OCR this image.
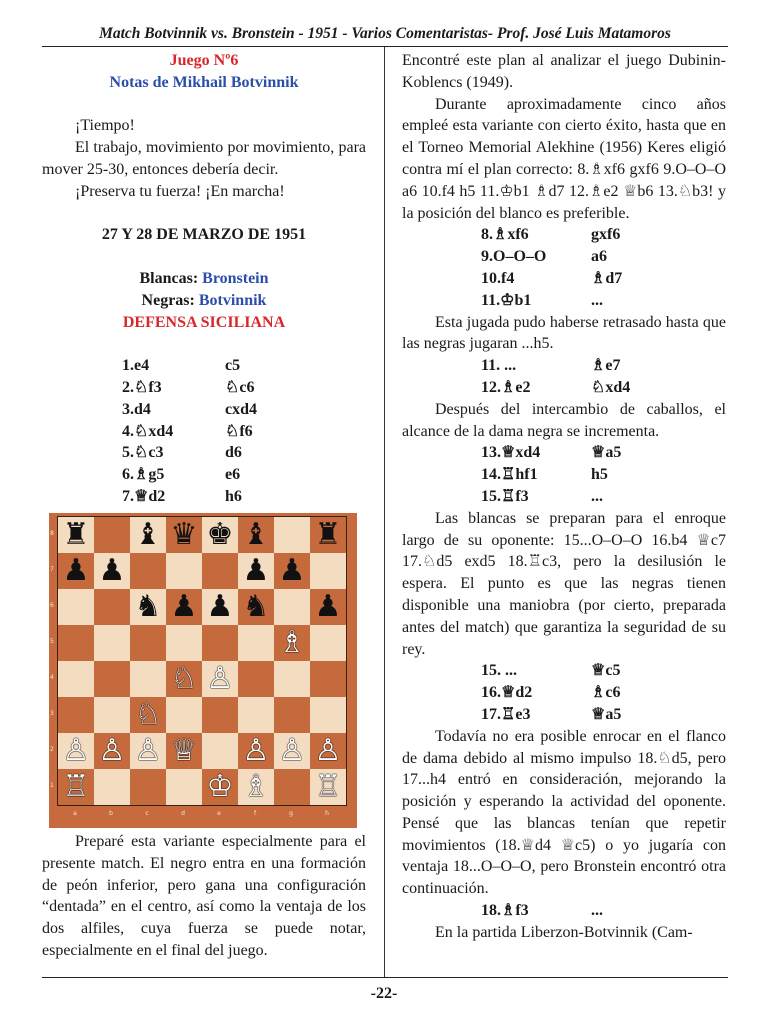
Match Botvinnik vs. Bronstein - 1951 - Varios Comentaristas- Prof. José Luis Matamoros

Juego Nº6

Notas de Mikhail Botvinnik

¡Tiempo!

El trabajo, movimiento por movimiento, para mover 25-30, entonces debería decir.

¡Preserva tu fuerza! ¡En marcha!

27 Y 28 DE MARZO DE 1951

Blancas: Bronstein

Negras: Botvinnik

DEFENSA SICILIANA

1.e4	c5
2.♘f3	♘c6
3.d4	cxd4
4.♘xd4	♘f6
5.♘c3	d6
6.♗g5	e6
7.♕d2	h6
8
7
6
5
4
3
2
1
♜ ♝ ♛ ♚ ♝ ♜
♟ ♟	♟ ♟
♞ ♟ ♟ ♞ ♟
♗
♘ ♙
♘
♙ ♙ ♙ ♕ ♙ ♙ ♙
♖	♔ ♗ ♖
a	b	c	d	e	f	g	h
Preparé esta variante especialmente para el presente match. El negro entra en una formación de peón inferior, pero gana una configuración “dentada” en el centro, así como la ventaja de los dos alfiles, cuya fuerza se puede notar, especialmente en el final del juego.

Encontré este plan al analizar el juego Dubinin-Koblencs (1949).

Durante aproximadamente cinco años empleé esta variante con cierto éxito, hasta que en el Torneo Memorial Alekhine (1956) Keres eligió contra mí el plan correcto: 8.♗xf6 gxf6 9.O–O–O a6 10.f4 h5 11.♔b1 ♗d7 12.♗e2 ♕b6 13.♘b3! y la posición del blanco es preferible.

8.♗xf6	gxf6
9.O–O–O	a6
10.f4	♗d7
11.♔b1	...

Esta jugada pudo haberse retrasado hasta que las negras jugaran ...h5.

11. ...	♗e7
12.♗e2	♘xd4

Después del intercambio de caballos, el alcance de la dama negra se incrementa.

13.♕xd4	♕a5
14.♖hf1	h5
15.♖f3	...

Las blancas se preparan para el enroque largo de su oponente: 15...O–O–O 16.b4 ♕c7 17.♘d5 exd5 18.♖c3, pero la desilusión le espera. El punto es que las negras tienen disponible una maniobra (por cierto, preparada antes del match) que garantiza la seguridad de su rey.

15. ...	♕c5
16.♕d2	♗c6
17.♖e3	♕a5

Todavía no era posible enrocar en el flanco de dama debido al mismo impulso 18.♘d5, pero 17...h4 entró en consideración, mejorando la posición y esperando la actividad del oponente. Pensé que las blancas tenían que repetir movimientos (18.♕d4 ♕c5) o yo jugaría con ventaja 18...O–O–O, pero Bronstein encontró otra continuación.

18.♗f3	...

En la partida Liberzon-Botvinnik (Cam-

-22-
